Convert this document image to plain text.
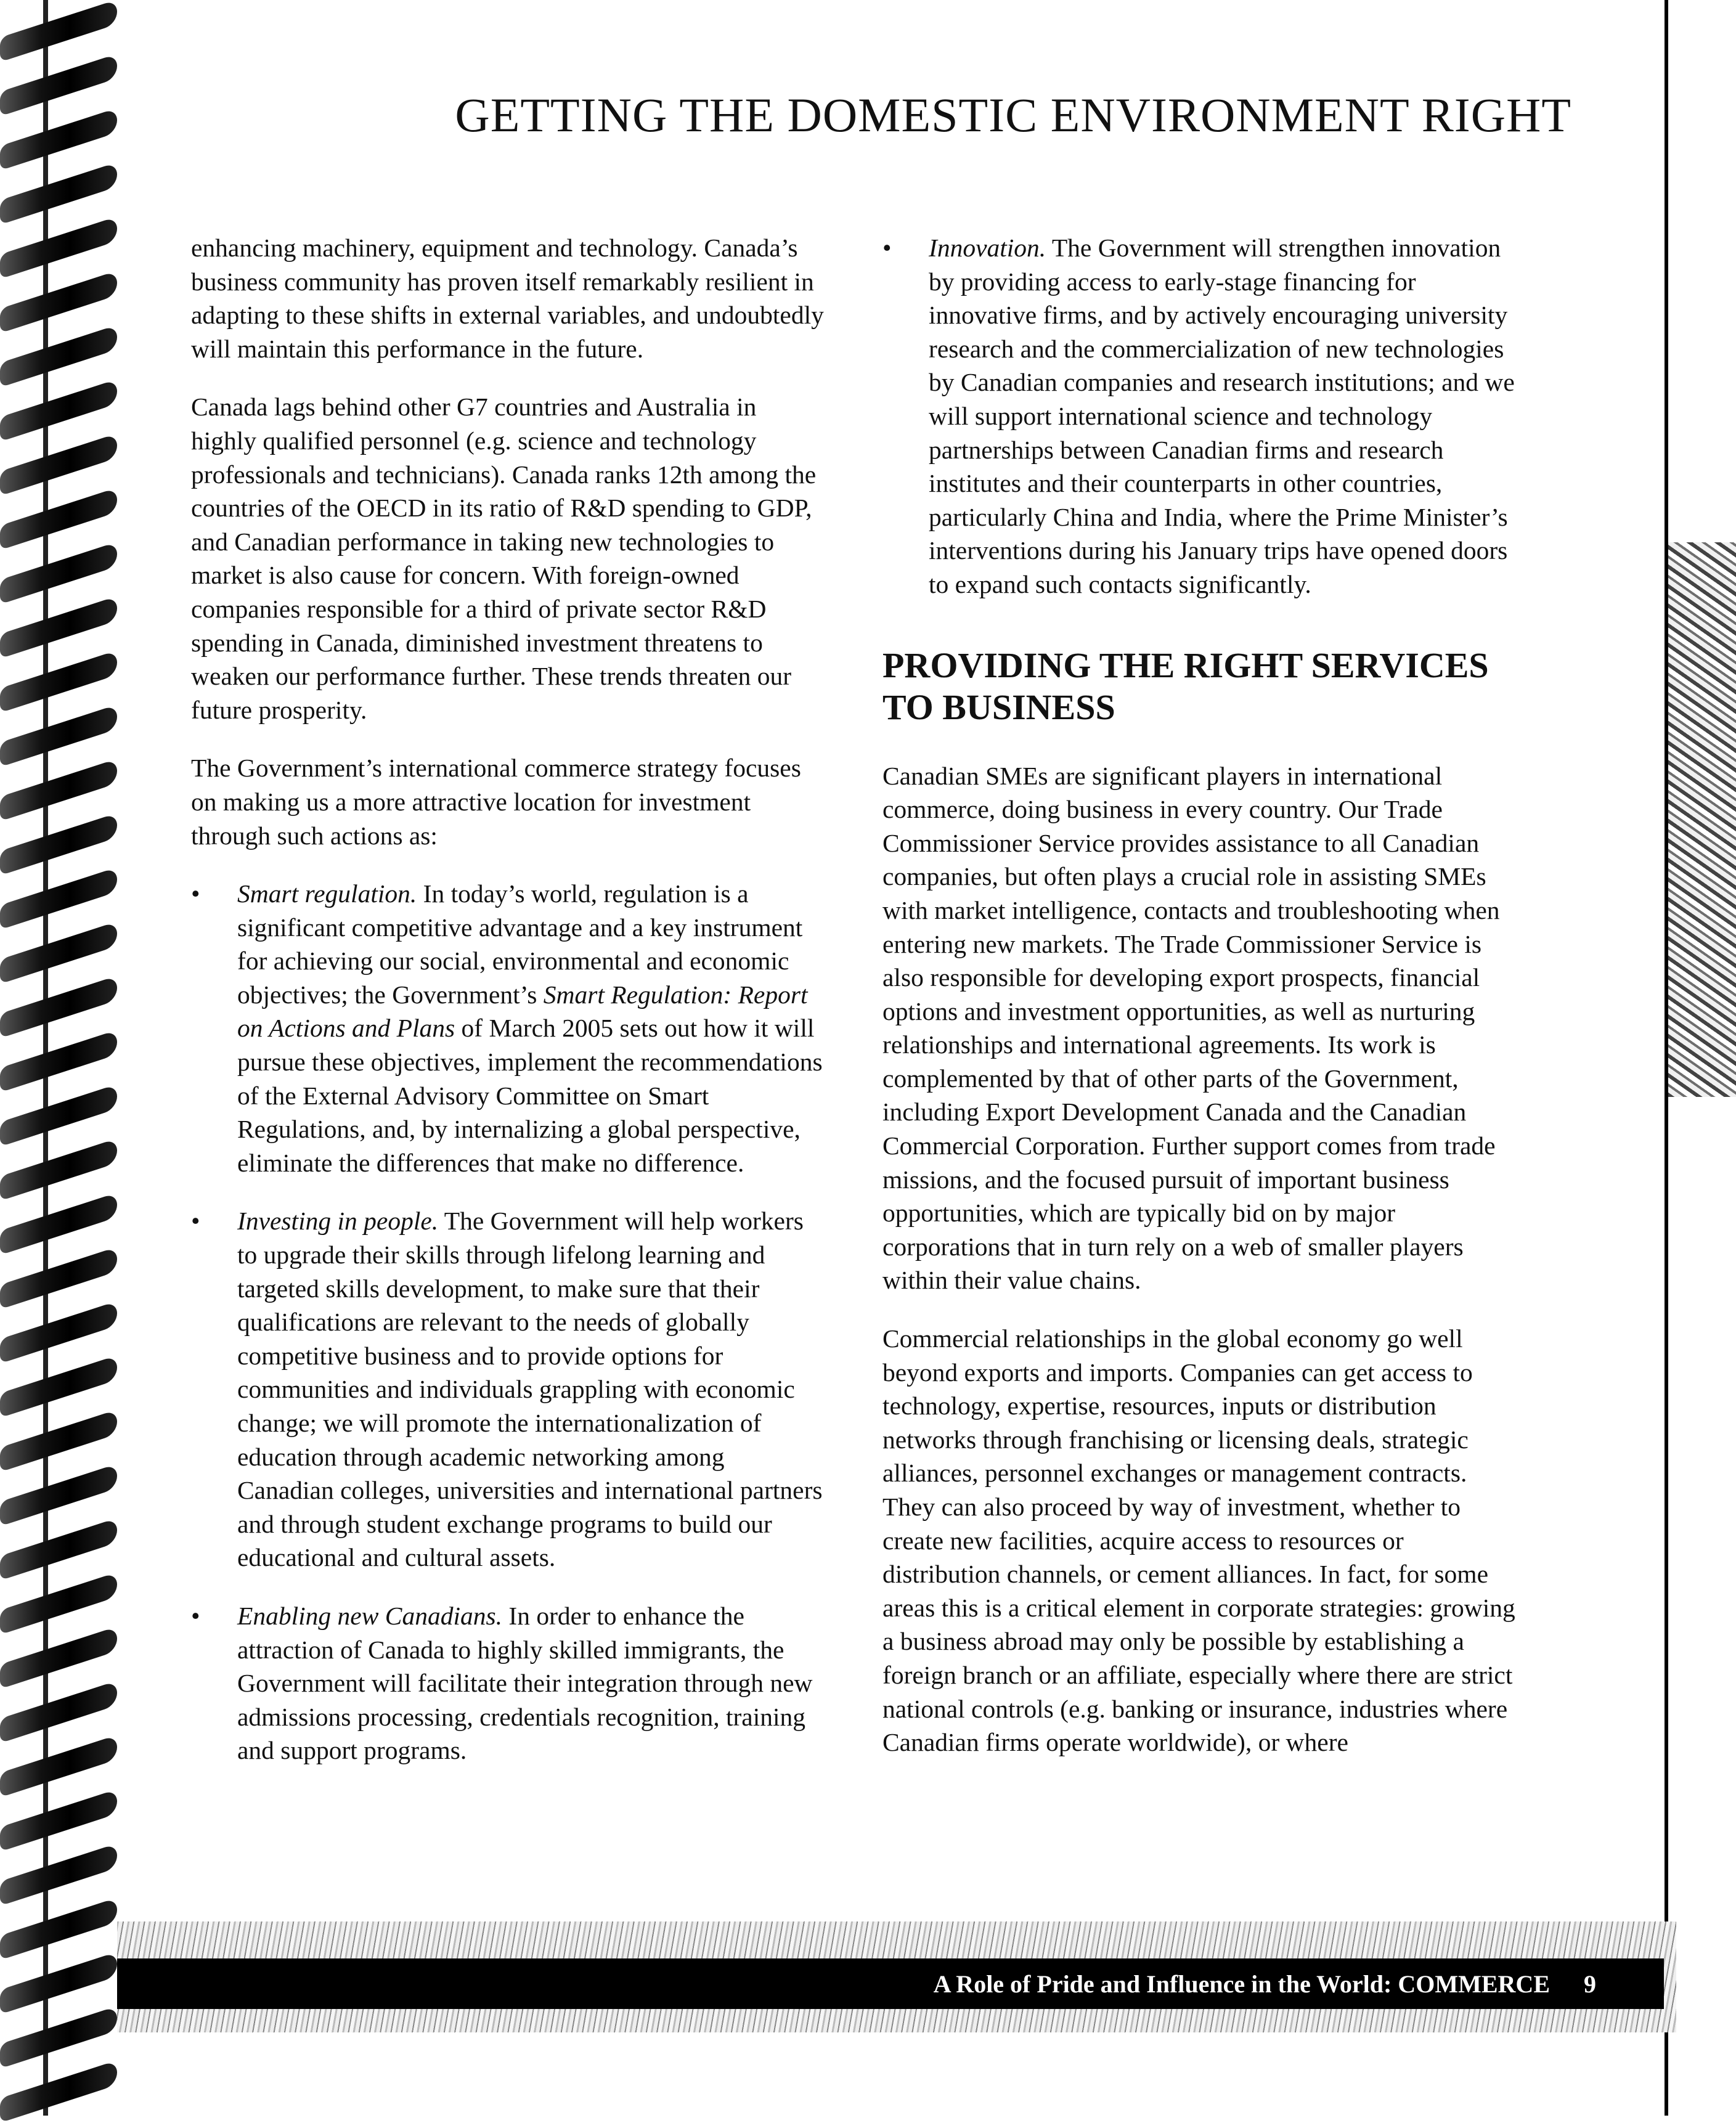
GETTING THE DOMESTIC ENVIRONMENT RIGHT

enhancing machinery, equipment and technology. Canada’s business community has proven itself remarkably resilient in adapting to these shifts in external variables, and undoubtedly will maintain this performance in the future.

Canada lags behind other G7 countries and Australia in highly qualified personnel (e.g. science and technology professionals and technicians). Canada ranks 12th among the countries of the OECD in its ratio of R&D spending to GDP, and Canadian performance in taking new technologies to market is also cause for concern. With foreign-owned companies responsible for a third of private sector R&D spending in Canada, diminished investment threatens to weaken our performance further. These trends threaten our future prosperity.

The Government’s international commerce strategy focuses on making us a more attractive location for investment through such actions as:

• Smart regulation. In today’s world, regulation is a significant competitive advantage and a key instrument for achieving our social, environmental and economic objectives; the Government’s Smart Regulation: Report on Actions and Plans of March 2005 sets out how it will pursue these objectives, implement the recommendations of the External Advisory Committee on Smart Regulations, and, by internalizing a global perspective, eliminate the differences that make no difference.
• Investing in people. The Government will help workers to upgrade their skills through lifelong learning and targeted skills development, to make sure that their qualifications are relevant to the needs of globally competitive business and to provide options for communities and individuals grappling with economic change; we will promote the internationalization of education through academic networking among Canadian colleges, universities and international partners and through student exchange programs to build our educational and cultural assets.
• Enabling new Canadians. In order to enhance the attraction of Canada to highly skilled immigrants, the Government will facilitate their integration through new admissions processing, credentials recognition, training and support programs.
• Innovation. The Government will strengthen innovation by providing access to early-stage financing for innovative firms, and by actively encouraging university research and the commercialization of new technologies by Canadian companies and research institutions; and we will support international science and technology partnerships between Canadian firms and research institutes and their counterparts in other countries, particularly China and India, where the Prime Minister’s interventions during his January trips have opened doors to expand such contacts significantly.
PROVIDING THE RIGHT SERVICES TO BUSINESS

Canadian SMEs are significant players in international commerce, doing business in every country. Our Trade Commissioner Service provides assistance to all Canadian companies, but often plays a crucial role in assisting SMEs with market intelligence, contacts and troubleshooting when entering new markets. The Trade Commissioner Service is also responsible for developing export prospects, financial options and investment opportunities, as well as nurturing relationships and international agreements. Its work is complemented by that of other parts of the Government, including Export Development Canada and the Canadian Commercial Corporation. Further support comes from trade missions, and the focused pursuit of important business opportunities, which are typically bid on by major corporations that in turn rely on a web of smaller players within their value chains.

Commercial relationships in the global economy go well beyond exports and imports. Companies can get access to technology, expertise, resources, inputs or distribution networks through franchising or licensing deals, strategic alliances, personnel exchanges or management contracts. They can also proceed by way of investment, whether to create new facilities, acquire access to resources or distribution channels, or cement alliances. In fact, for some areas this is a critical element in corporate strategies: growing a business abroad may only be possible by establishing a foreign branch or an affiliate, especially where there are strict national controls (e.g. banking or insurance, industries where Canadian firms operate worldwide), or where

A Role of Pride and Influence in the World: COMMERCE 9
